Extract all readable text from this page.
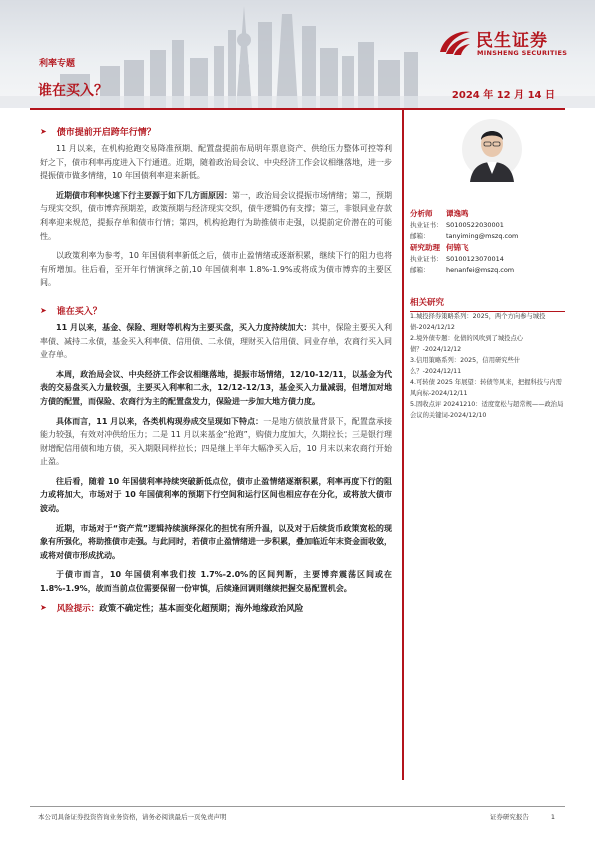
民生证券
MINSHENG SECURITIES
利率专题
谁在买入？	2024 年 12 月 14 日
➤ 债市提前开启跨年行情？
11 月以来，在机构抢跑交易降准预期、配置盘提前布局明年票息资产、供给压力整体可控等利好之下，债市利率再度进入下行通道。近期，随着政治局会议、中央经济工作会议相继落地，进一步提振债市做多情绪，10 年国债利率迎来新低。
近期债市利率快速下行主要源于如下几方面原因：第一，政治局会议提振市场情绪；第二，预期与现实交织，债市博弈预期差，政策预期与经济现实交织，债牛逻辑仍有支撑；第三，非银同业存款利率迎来规范，提振存单和债市行情；第四，机构抢跑行为助推债市走强，以提前定价潜在的可能性。
以政策利率为参考，10 年国债利率新低之后，债市止盈情绪或逐渐积累，继续下行的阻力也将有所增加。往后看，至开年行情演绎之前,10 年国债利率 1.8%-1.9%或将成为债市博弈的主要区间。
➤ 谁在买入？
11 月以来，基金、保险、理财等机构为主要买盘，买入力度持续加大：其中，保险主要买入利率债、减持二永债，基金买入利率债、信用债、二永债，理财买入信用债、同业存单，农商行买入同业存单。
本周，政治局会议、中央经济工作会议相继落地，提振市场情绪，12/10-12/11，以基金为代表的交易盘买入力量较强，主要买入利率和二永，12/12-12/13，基金买入力量减弱，但增加对地方债的配置，而保险、农商行为主的配置盘发力，保险进一步加大地方债力度。
具体而言，11 月以来，各类机构现券成交呈现如下特点：一是地方债放量背景下，配置盘承接能力较强，有效对冲供给压力；二是 11 月以来基金“抢跑”，购债力度加大，久期拉长；三是银行理财增配信用债和地方债，买入期限同样拉长；四是继上半年大幅净买入后，10 月末以来农商行开始止盈。
往后看，随着 10 年国债利率持续突破新低点位，债市止盈情绪逐渐积累，利率再度下行的阻力或将加大，市场对于 10 年国债利率的预期下行空间和运行区间也相应存在分化，或将放大债市波动。
近期，市场对于“资产荒”逻辑持续演绎深化的担忧有所升温，以及对于后续货币政策宽松的现象有所强化，将助推债市走强。与此同时，若债市止盈情绪进一步积累，叠加临近年末资金面收敛，或将对债市形成扰动。
于债市而言，10 年国债利率我们按 1.7%-2.0%的区间判断，主要博弈震荡区间或在 1.8%-1.9%，故而当前点位需要保留一份审慎，后续逢回调则继续把握交易配置机会。
➤ 风险提示： 政策不确定性；基本面变化超预期；海外地缘政治风险
分析师 谭逸鸣
执业证书： S0100522030001
邮箱：	tanyiming@mszq.com
研究助理 何锦飞
执业证书： S0100123070014
邮箱：	henanfei@mszq.com
相关研究
1.城投择券策略系列：2025，两个方向参与城投债-2024/12/12
2.境外债专题：化债的风吹到了城投点心债？-2024/12/12
3.信用策略系列：2025，信用研究些什么？-2024/12/11
4.可转债 2025 年展望：转债等风来，把握科技与内需风向标-2024/12/11
5.固收点评 20241210：适度宽松与超常规——政治局会议的关键词-2024/12/10
本公司具备证券投资咨询业务资格，请务必阅读最后一页免责声明	证券研究报告	1
